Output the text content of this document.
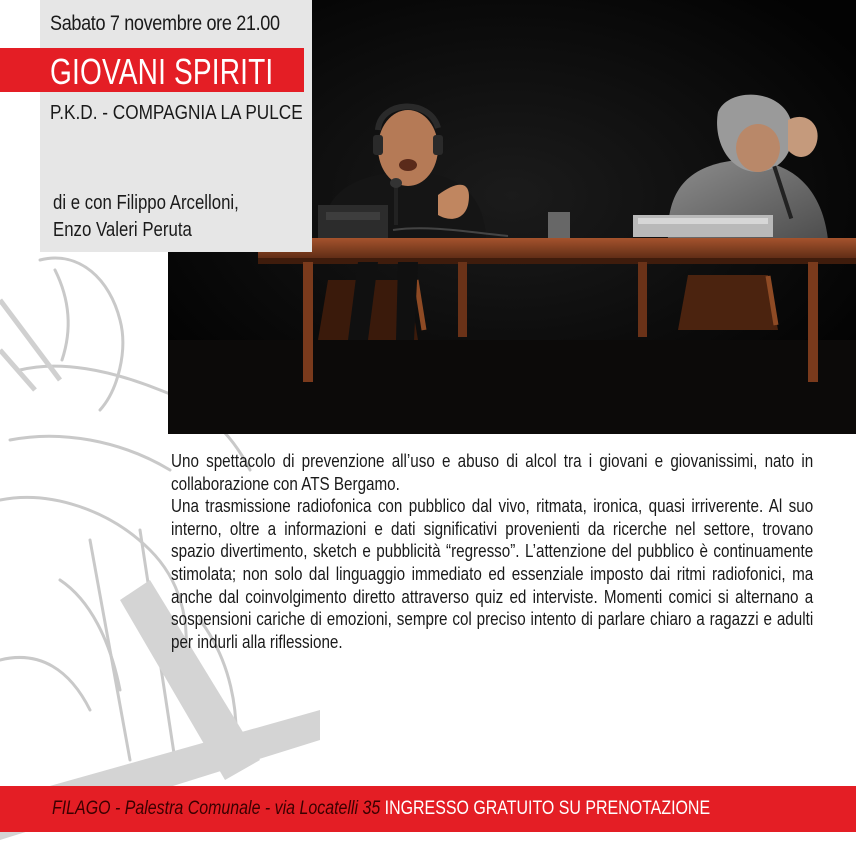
Sabato 7 novembre ore 21.00
GIOVANI SPIRITI
P.K.D. - COMPAGNIA LA PULCE
di e con Filippo Arcelloni,
Enzo Valeri Peruta

Uno spettacolo di prevenzione all’uso e abuso di alcol tra i giovani e giovanissimi, nato in collaborazione con ATS Bergamo.

Una trasmissione radiofonica con pubblico dal vivo, ritmata, ironica, quasi irriverente. Al suo interno, oltre a informazioni e dati significativi provenienti da ricerche nel settore, trovano spazio divertimento, sketch e pubblicità “regresso”. L’attenzione del pubblico è continuamente stimolata; non solo dal linguaggio immediato ed essenziale imposto dai ritmi radiofonici, ma anche dal coinvolgimento diretto attraverso quiz ed interviste. Momenti comici si alternano a sospensioni cariche di emozioni, sempre col preciso intento di parlare chiaro a ragazzi e adulti per indurli alla riflessione.

FILAGO - Palestra Comunale - via Locatelli 35 INGRESSO GRATUITO SU PRENOTAZIONE
